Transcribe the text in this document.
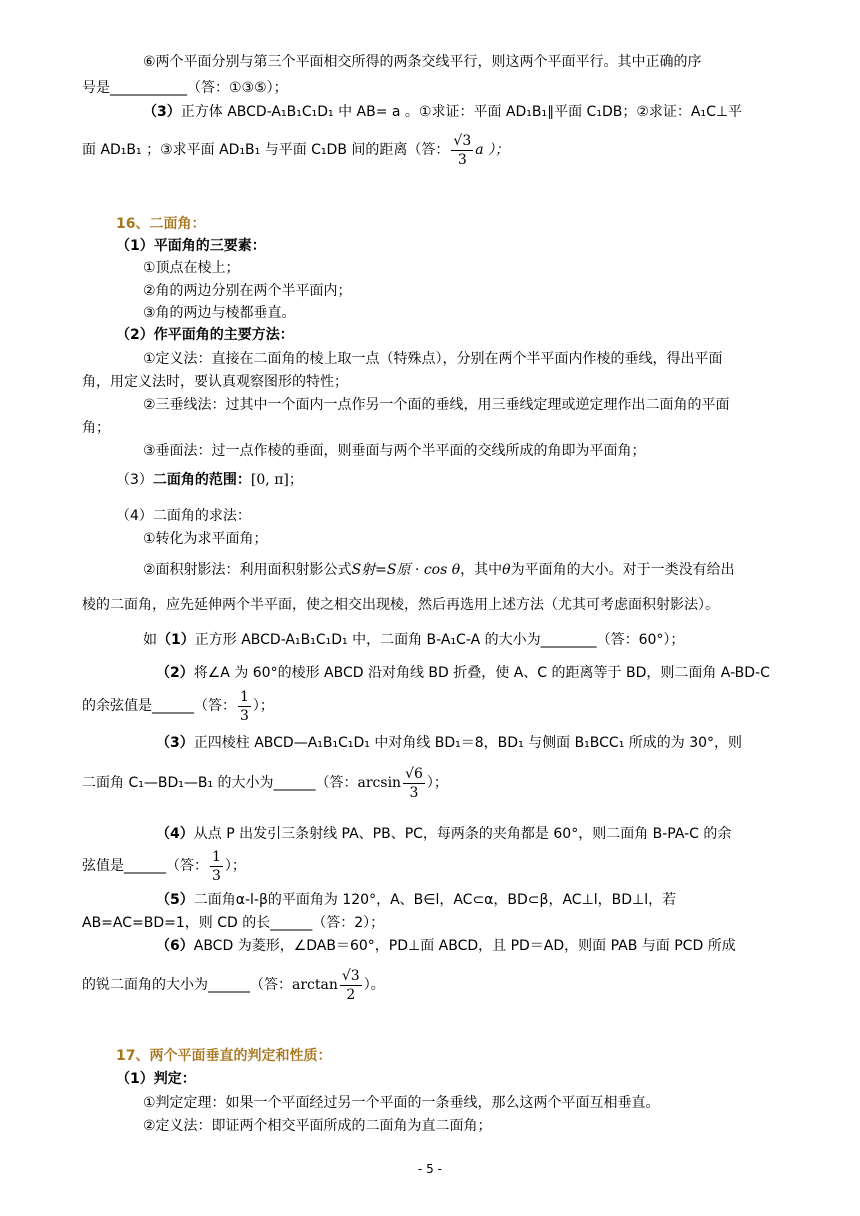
⑥两个平面分别与第三个平面相交所得的两条交线平行，则这两个平面平行。其中正确的序
号是___________（答：①③⑤）；
（3）正方体 ABCD-A₁B₁C₁D₁ 中 AB= a 。①求证：平面 AD₁B₁∥平面 C₁DB；②求证：A₁C⊥平
面 AD₁B₁ ；③求平面 AD₁B₁ 与平面 C₁DB 间的距离（答： $\frac{√3}{3}$ a ）；
16、二面角：
（1）平面角的三要素：
①顶点在棱上；
②角的两边分别在两个半平面内；
③角的两边与棱都垂直。
（2）作平面角的主要方法：
①定义法：直接在二面角的棱上取一点（特殊点），分别在两个半平面内作棱的垂线，得出平面
角，用定义法时，要认真观察图形的特性；
②三垂线法：过其中一个面内一点作另一个面的垂线，用三垂线定理或逆定理作出二面角的平面
角；
③垂面法：过一点作棱的垂面，则垂面与两个半平面的交线所成的角即为平面角；
（3）二面角的范围：[0, π]；
（4）二面角的求法：
①转化为求平面角；
②面积射影法：利用面积射影公式S射=S原 · cos θ，其中θ为平面角的大小。对于一类没有给出
棱的二面角，应先延伸两个半平面，使之相交出现棱，然后再选用上述方法（尤其可考虑面积射影法）。
如（1）正方形 ABCD-A₁B₁C₁D₁ 中，二面角 B-A₁C-A 的大小为________（答：60°）；
（2）将∠A 为 60°的棱形 ABCD 沿对角线 BD 折叠，使 A、C 的距离等于 BD，则二面角 A-BD-C
的余弦值是______（答： $\frac{1}{3}$ ）；
（3）正四棱柱 ABCD—A₁B₁C₁D₁ 中对角线 BD₁＝8，BD₁ 与侧面 B₁BCC₁ 所成的为 30°，则
二面角 C₁—BD₁—B₁ 的大小为______（答：$\arcsin \frac{√6}{3}$ ）；
（4）从点 P 出发引三条射线 PA、PB、PC，每两条的夹角都是 60°，则二面角 B-PA-C 的余
弦值是______（答： $\frac{1}{3}$ ）；
（5）二面角α-l-β的平面角为 120°，A、B∈l，AC⊂α，BD⊂β，AC⊥l，BD⊥l，若
AB=AC=BD=1，则 CD 的长______（答：2）；
（6）ABCD 为菱形，∠DAB＝60°，PD⊥面 ABCD，且 PD＝AD，则面 PAB 与面 PCD 所成
的锐二面角的大小为______（答：$\arctan \frac{√3}{2}$ ）。
17、两个平面垂直的判定和性质：
（1）判定：
①判定定理：如果一个平面经过另一个平面的一条垂线，那么这两个平面互相垂直。
②定义法：即证两个相交平面所成的二面角为直二面角；
- 5 -
